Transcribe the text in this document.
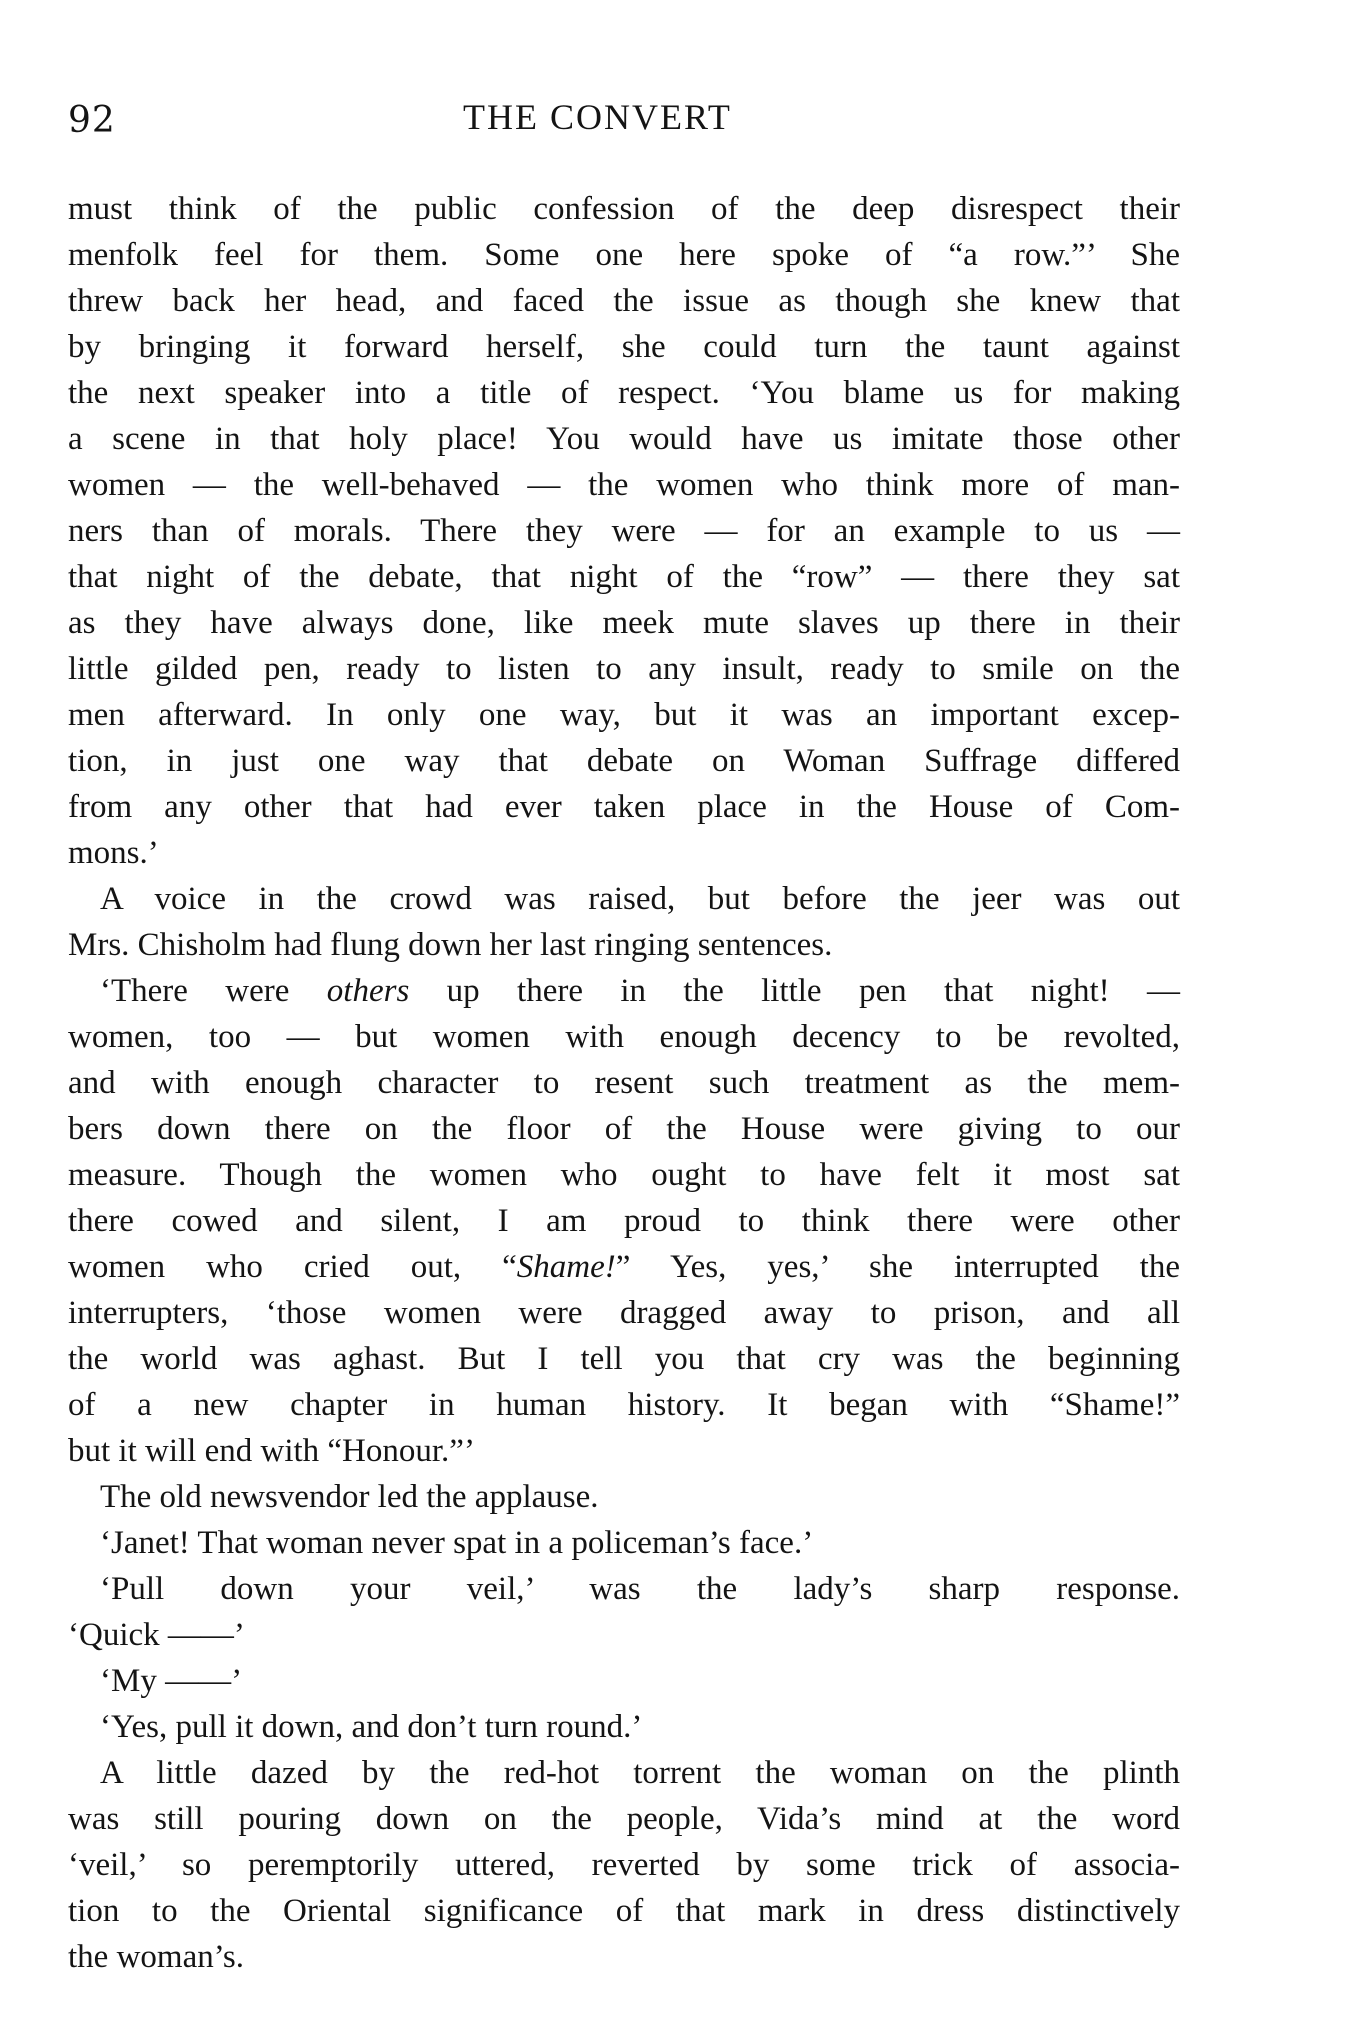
92	THE CONVERT
must think of the public confession of the deep disrespect their
menfolk feel for them. Some one here spoke of “a row.”’ She
threw back her head, and faced the issue as though she knew that
by bringing it forward herself, she could turn the taunt against
the next speaker into a title of respect. ‘You blame us for making
a scene in that holy place! You would have us imitate those other
women — the well-behaved — the women who think more of man-
ners than of morals. There they were — for an example to us —
that night of the debate, that night of the “row” — there they sat
as they have always done, like meek mute slaves up there in their
little gilded pen, ready to listen to any insult, ready to smile on the
men afterward. In only one way, but it was an important excep-
tion, in just one way that debate on Woman Suffrage differed
from any other that had ever taken place in the House of Com-
mons.’
A voice in the crowd was raised, but before the jeer was out
Mrs. Chisholm had flung down her last ringing sentences.
‘There were others up there in the little pen that night! —
women, too — but women with enough decency to be revolted,
and with enough character to resent such treatment as the mem-
bers down there on the floor of the House were giving to our
measure. Though the women who ought to have felt it most sat
there cowed and silent, I am proud to think there were other
women who cried out, “Shame!” Yes, yes,’ she interrupted the
interrupters, ‘those women were dragged away to prison, and all
the world was aghast. But I tell you that cry was the beginning
of a new chapter in human history. It began with “Shame!”
but it will end with “Honour.”’
The old newsvendor led the applause.
‘Janet! That woman never spat in a policeman’s face.’
‘Pull down your veil,’ was the lady’s sharp response.
‘Quick ——’
‘My ——’
‘Yes, pull it down, and don’t turn round.’
A little dazed by the red-hot torrent the woman on the plinth
was still pouring down on the people, Vida’s mind at the word
‘veil,’ so peremptorily uttered, reverted by some trick of associa-
tion to the Oriental significance of that mark in dress distinctively
the woman’s.
